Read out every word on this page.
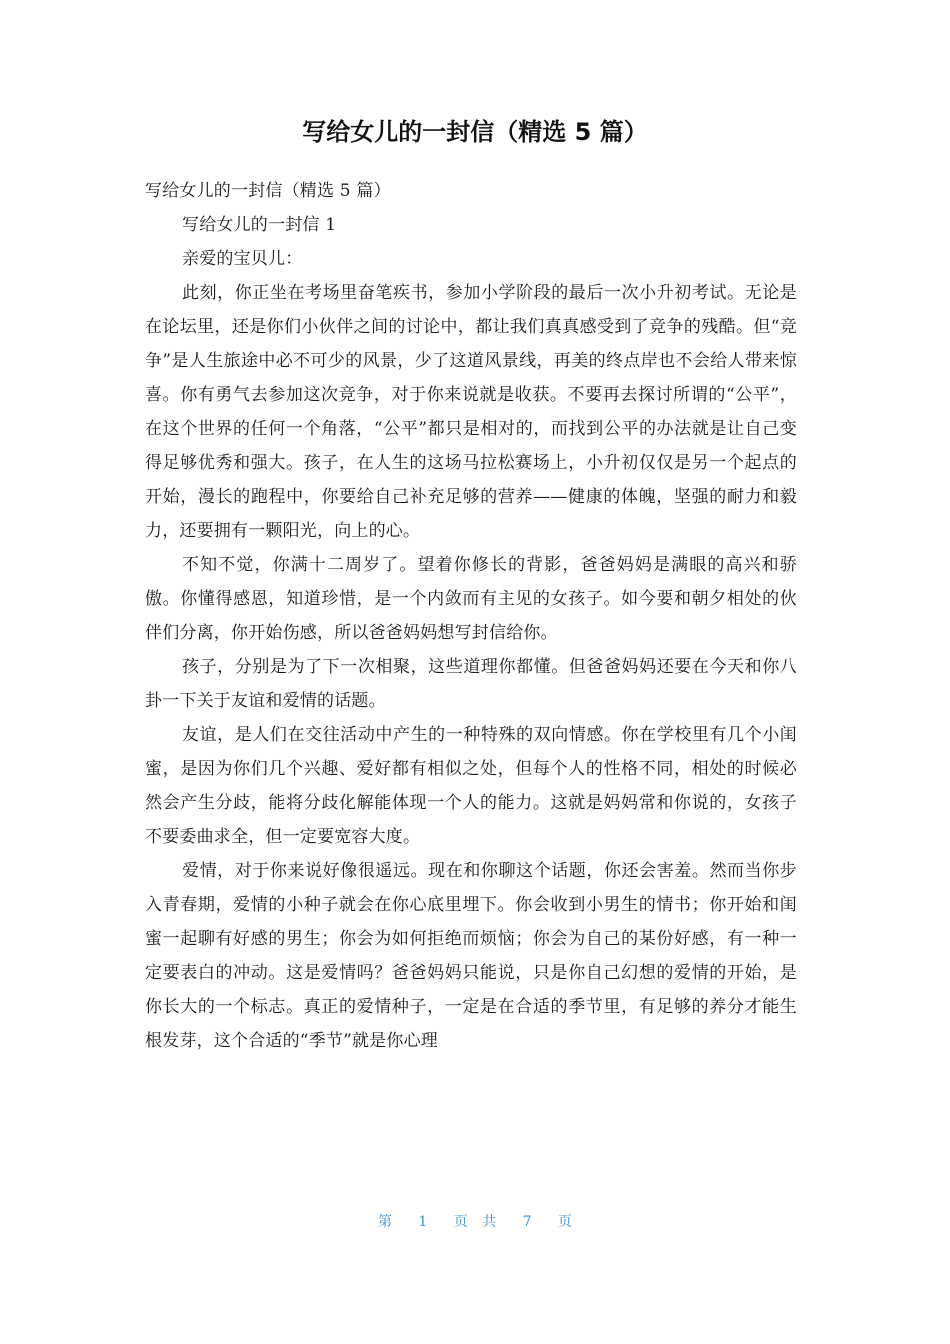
写给女儿的一封信（精选 5 篇）

写给女儿的一封信（精选 5 篇）

写给女儿的一封信 1

亲爱的宝贝儿：

此刻，你正坐在考场里奋笔疾书，参加小学阶段的最后一次小升初考试。无论是在论坛里，还是你们小伙伴之间的讨论中，都让我们真真感受到了竞争的残酷。但“竞争”是人生旅途中必不可少的风景，少了这道风景线，再美的终点岸也不会给人带来惊喜。你有勇气去参加这次竞争，对于你来说就是收获。不要再去探讨所谓的“公平”，在这个世界的任何一个角落，“公平”都只是相对的，而找到公平的办法就是让自己变得足够优秀和强大。孩子，在人生的这场马拉松赛场上，小升初仅仅是另一个起点的开始，漫长的跑程中，你要给自己补充足够的营养——健康的体魄，坚强的耐力和毅力，还要拥有一颗阳光，向上的心。

不知不觉，你满十二周岁了。望着你修长的背影，爸爸妈妈是满眼的高兴和骄傲。你懂得感恩，知道珍惜，是一个内敛而有主见的女孩子。如今要和朝夕相处的伙伴们分离，你开始伤感，所以爸爸妈妈想写封信给你。

孩子，分别是为了下一次相聚，这些道理你都懂。但爸爸妈妈还要在今天和你八卦一下关于友谊和爱情的话题。

友谊，是人们在交往活动中产生的一种特殊的双向情感。你在学校里有几个小闺蜜，是因为你们几个兴趣、爱好都有相似之处，但每个人的性格不同，相处的时候必然会产生分歧，能将分歧化解能体现一个人的能力。这就是妈妈常和你说的，女孩子不要委曲求全，但一定要宽容大度。

爱情，对于你来说好像很遥远。现在和你聊这个话题，你还会害羞。然而当你步入青春期，爱情的小种子就会在你心底里埋下。你会收到小男生的情书；你开始和闺蜜一起聊有好感的男生；你会为如何拒绝而烦恼；你会为自己的某份好感，有一种一定要表白的冲动。这是爱情吗？爸爸妈妈只能说，只是你自己幻想的爱情的开始，是你长大的一个标志。真正的爱情种子，一定是在合适的季节里，有足够的养分才能生根发芽，这个合适的“季节”就是你心理

第 1 页 共 7 页
